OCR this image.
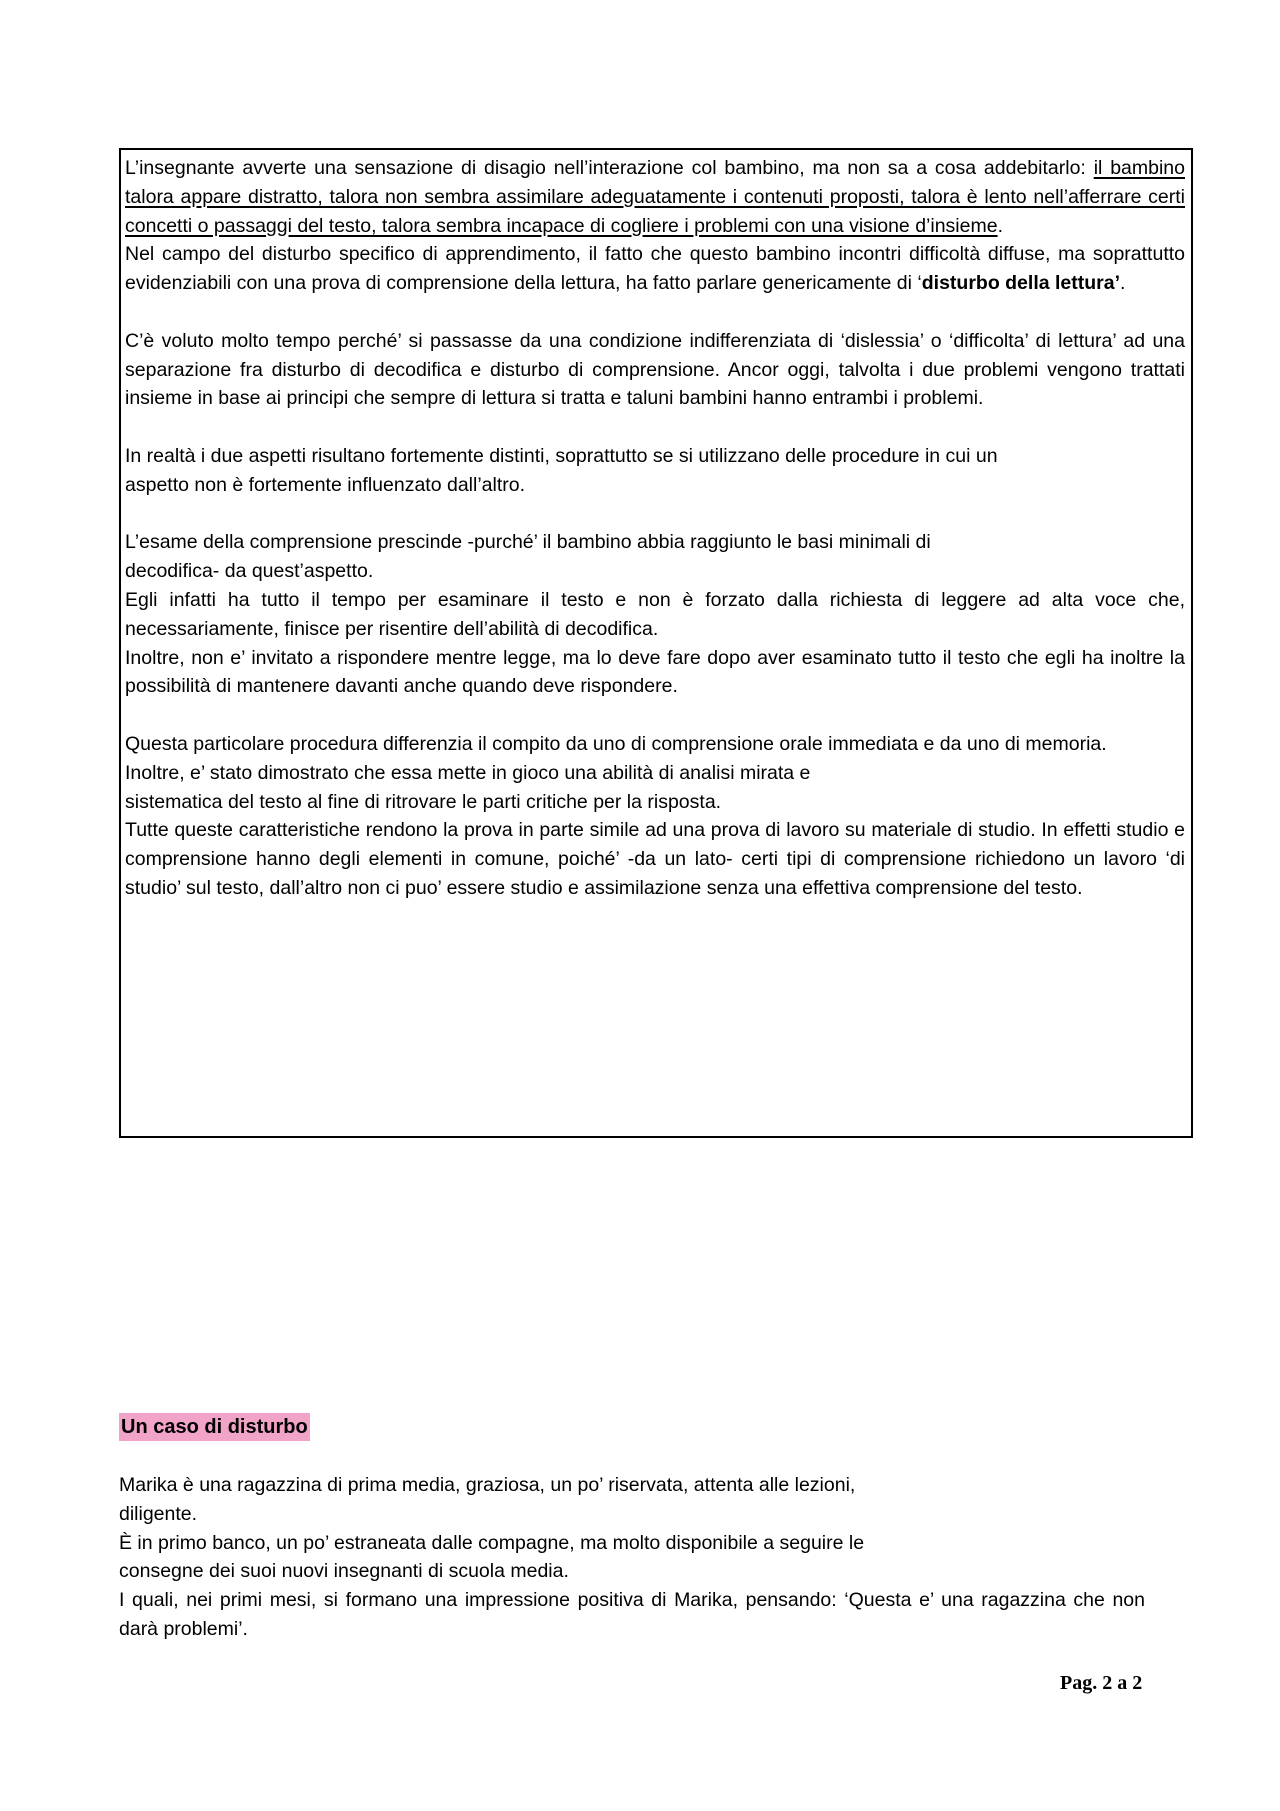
L’insegnante avverte una sensazione di disagio nell’interazione col bambino, ma non sa a cosa addebitarlo: il bambino talora appare distratto, talora non sembra assimilare adeguatamente i contenuti proposti, talora è lento nell’afferrare certi concetti o passaggi del testo, talora sembra incapace di cogliere i problemi con una visione d’insieme.

Nel campo del disturbo specifico di apprendimento, il fatto che questo bambino incontri difficoltà diffuse, ma soprattutto evidenziabili con una prova di comprensione della lettura, ha fatto parlare genericamente di ‘disturbo della lettura’.

C’è voluto molto tempo perché’ si passasse da una condizione indifferenziata di ‘dislessia’ o ‘difficolta’ di lettura’ ad una separazione fra disturbo di decodifica e disturbo di comprensione. Ancor oggi, talvolta i due problemi vengono trattati insieme in base ai principi che sempre di lettura si tratta e taluni bambini hanno entrambi i problemi.

In realtà i due aspetti risultano fortemente distinti, soprattutto se si utilizzano delle procedure in cui un
aspetto non è fortemente influenzato dall’altro.

L’esame della comprensione prescinde -purché’ il bambino abbia raggiunto le basi minimali di
decodifica- da quest’aspetto.

Egli infatti ha tutto il tempo per esaminare il testo e non è forzato dalla richiesta di leggere ad alta voce che, necessariamente, finisce per risentire dell’abilità di decodifica.

Inoltre, non e’ invitato a rispondere mentre legge, ma lo deve fare dopo aver esaminato tutto il testo che egli ha inoltre la possibilità di mantenere davanti anche quando deve rispondere.

Questa particolare procedura differenzia il compito da uno di comprensione orale immediata e da uno di memoria.

Inoltre, e’ stato dimostrato che essa mette in gioco una abilità di analisi mirata e
sistematica del testo al fine di ritrovare le parti critiche per la risposta.

Tutte queste caratteristiche rendono la prova in parte simile ad una prova di lavoro su materiale di studio. In effetti studio e comprensione hanno degli elementi in comune, poiché’ -da un lato- certi tipi di comprensione richiedono un lavoro ‘di studio’ sul testo, dall’altro non ci puo’ essere studio e assimilazione senza una effettiva comprensione del testo.

Un caso di disturbo

Marika è una ragazzina di prima media, graziosa, un po’ riservata, attenta alle lezioni,

diligente.

È in primo banco, un po’ estraneata dalle compagne, ma molto disponibile a seguire le

consegne dei suoi nuovi insegnanti di scuola media.

I quali, nei primi mesi, si formano una impressione positiva di Marika, pensando: ‘Questa e’ una ragazzina che non darà problemi’.

Pag. 2 a 2
